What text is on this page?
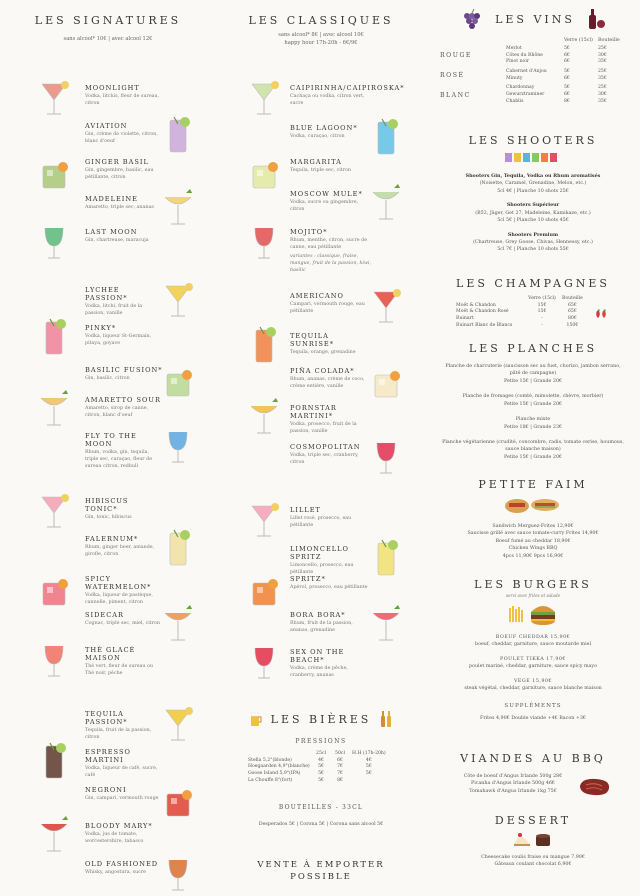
LES SIGNATURES
sans alcool* 10€ | avec alcool 12€
MOONLIGHT
Vodka, litchis, fleur de sureau, citron
AVIATION
Gin, crème de violette, citron, blanc d'oeuf
GINGER BASIL
Gin, gingembre, basilic, eau pétillante, citron
MADELEINE
Amaretto, triple sec, ananas
LAST MOON
Gin, chartreuse, maracuja
LYCHEE PASSION*
Vodka, litchi, fruit de la passion, vanille
PINKY*
Vodka, liqueur St-Germain, pitaya, goyave
BASILIC FUSION*
Gin, basilic, citron
AMARETTO SOUR
Amaretto, sirop de canne, citron, blanc d'oeuf
FLY TO THE MOON
Rhum, vodka, gin, tequila, triple sec, curaçao, fleur de sureau citron, redbull
HIBISCUS TONIC*
Gin, tonic, hibiscus
FALERNUM*
Rhum, ginger beer, amande, girofle, citron
SPICY WATERMELON*
Vodka, liqueur de pastèque, cannelle, piment, citron
SIDECAR
Cognac, triple sec, miel, citron
THÉ GLACÉ MAISON
Thé vert, fleur de sureau ou Thé noir, pêche
TEQUILA PASSION*
Tequila, fruit de la passion, citron
ESPRESSO MARTINI
Vodka, liqueur de café, sucre, café
NEGRONI
Gin, campari, vermouth rouge
BLOODY MARY*
Vodka, jus de tomate, worcestershire, tabasco
OLD FASHIONED
Whisky, angostura, sucre
LES CLASSIQUES
sans alcool* 8€ | avec alcool 10€
happy hour 17h-20h - 6€/9€
CAIPIRINHA/CAIPIROSKA*
Cachaça ou vodka, citron vert, sucre
BLUE LAGOON*
Vodka, curaçao, citron
MARGARITA
Tequila, triple sec, citron
MOSCOW MULE*
Vodka, sucre ou gingembre, citron
MOJITO*
Rhum, menthe, citron, sucre de canne, eau pétillante
variantes : classique, fraise, mangue, fruit de la passion, kiwi, basilic
AMERICANO
Campari, vermouth rouge, eau pétillante
TEQUILA SUNRISE*
Tequila, orange, grenadine
PIÑA COLADA*
Rhum, ananas, crème de coco, crème entière, vanille
PORNSTAR MARTINI*
Vodka, prosecco, fruit de la passion, vanille
COSMOPOLITAN
Vodka, triple sec, cranberry, citron
LILLET
Lillet rosé, prosecco, eau pétillante
LIMONCELLO SPRITZ
Limoncello, prosecco, eau pétillante
SPRITZ*
Apérol, prosecco, eau pétillante
BORA BORA*
Rhum, fruit de la passion, ananas, grenadine
SEX ON THE BEACH*
Vodka, crème de pêche, cranberry, ananas
LES BIÈRES
PRESSIONS
	25cl	50cl	H.H (17h-20h)
Stella 5,2°(blonde)	4€	6€	4€
Hoegaarden 4,9°(blanche)	5€	7€	5€
Goose Island 5,9°(IPA)	5€	7€	5€
La Chouffe 8°(fort)	5€	8€	
BOUTEILLES - 33CL
Desperados 5€ | Corona 5€ | Corona sans alcool 5€
VENTE À EMPORTER
POSSIBLE
LES VINS
Verre (15cl)	Bouteille
ROUGE
Merlot	5€	25€
Côtes du Rhône	6€	30€
Pinot noir	6€	35€
ROSÉ
Cabernet d'Anjou	5€	25€
Minuty	6€	35€
BLANC
Chardonnay	5€	25€
Gewurztraminer	6€	30€
Chablis	8€	35€
LES SHOOTERS
Shooters Gin, Tequila, Vodka ou Rhum aromatisés
(Noisette, Caramel, Grenadine, Melon, etc.)
5cl 4€ | Planche 10 shots 25€
Shooters Supérieur
(B52, Jäger, Get 27, Madeleine, Kamikaze, etc.)
5cl 5€ | Planche 10 shots 45€
Shooters Premium
(Chartreuse, Grey Goose, Chivas, Hennessy, etc.)
5cl 7€ | Planche 10 shots 55€
LES CHAMPAGNES
	Verre (15cl)	Bouteille
Moët & Chandon	15€	65€
Moët & Chandon Rosé	15€	65€
Ruinart	-	80€
Ruinart Blanc de Blancs	-	150€
LES PLANCHES
Planche de charcuterie (saucisson sec au fuet, chorizo, jambon serrano, pâté de campagne)
Petite 15€ | Grande 20€
Planche de fromages (comté, mimolette, chèvre, morbier)
Petite 15€ | Grande 20€
Planche mixte
Petite 18€ | Grande 23€
Planche végétarienne (crudité, concombre, radis, tomate cerise, houmous, sauce blanche maison)
Petite 15€ | Grande 20€
PETITE FAIM
Sandwich Merguez-Frites 12,90€
Saucisse grillé avec sauce tomate-curry Frites 14,90€
Boeuf fumé au cheddar 18,90€
Chicken Wings BBQ
4pcs 11,90€ 9pcs 16,90€
LES BURGERS
servi avec frites et salade
BOEUF CHEDDAR 15,90€
boeuf, cheddar, garniture, sauce moutarde miel
POULET TIKKA 17,90€
poulet mariné, cheddar, garniture, sauce spicy mayo
VEGE 15,90€
steak végétal, cheddar, garniture, sauce blanche maison
SUPPLÉMENTS
Frites 4,90€ Double viande +4€ Bacon +3€
VIANDES AU BBQ
Côte de boeuf d'Angus Irlande 500g 28€
Picanha d'Angus Irlande 500g 46€
Tomahawk d'Angus Irlande 1kg 75€
DESSERT
Cheesecake coulis fraise ou mangue 7,90€
Gâteaux coulant chocolat 6,90€
